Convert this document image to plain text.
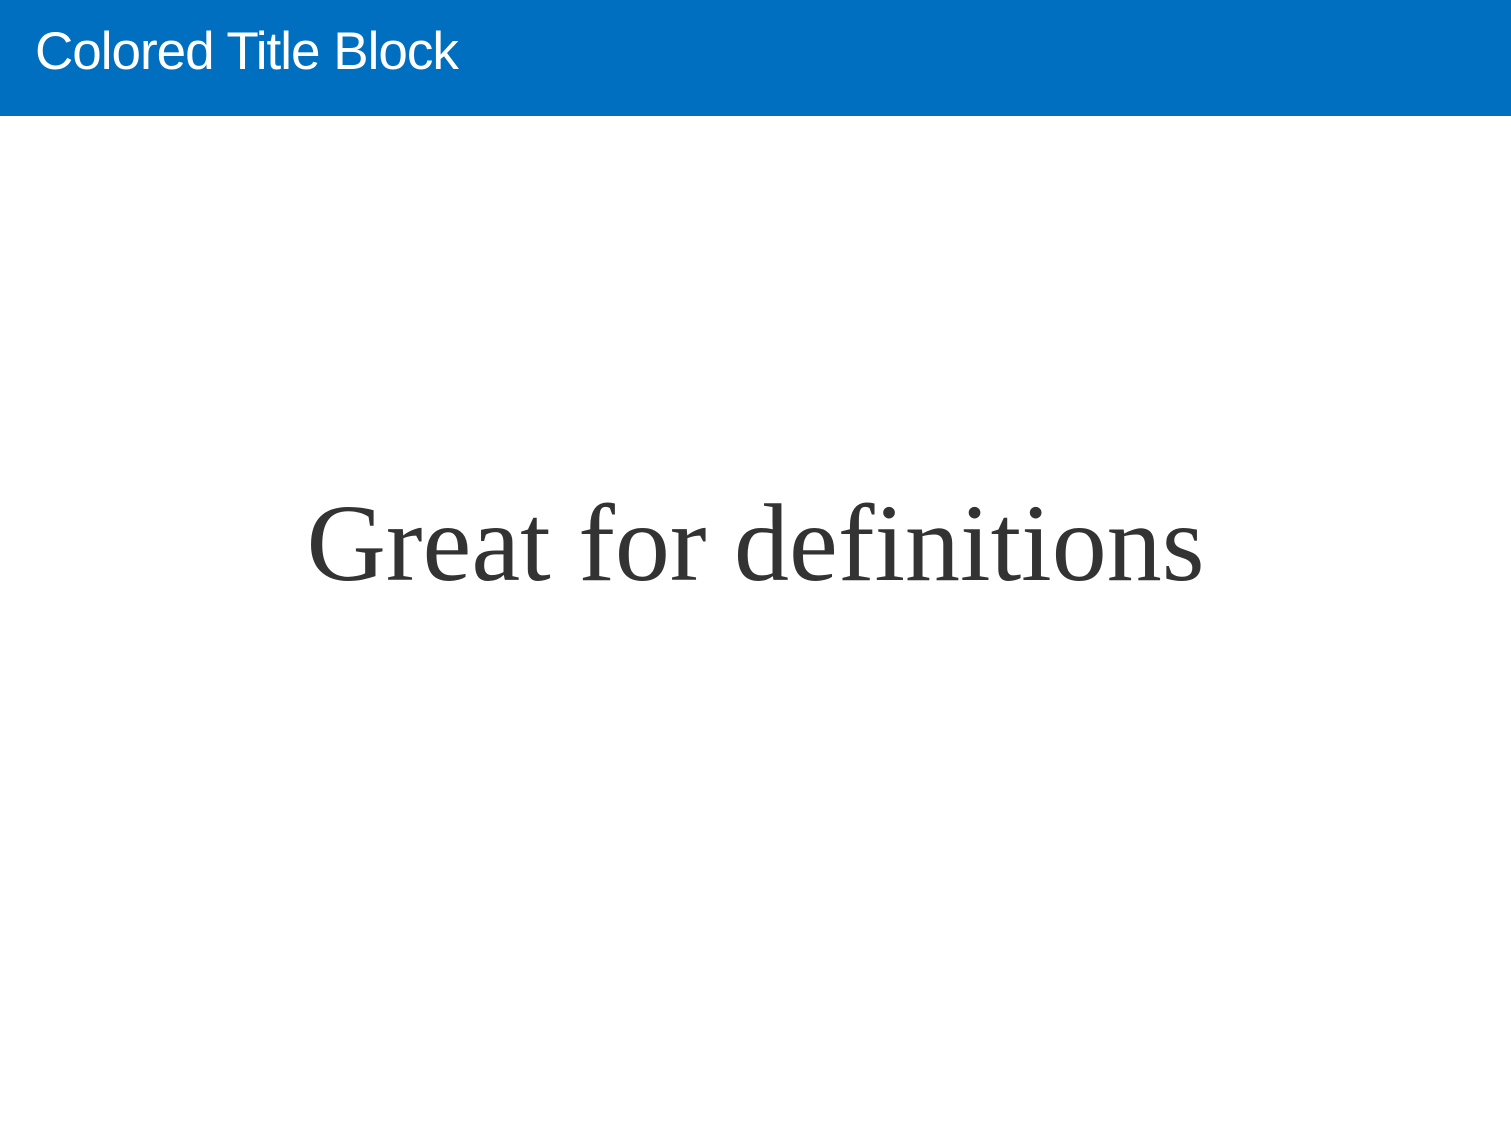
Colored Title Block
Great for definitions
